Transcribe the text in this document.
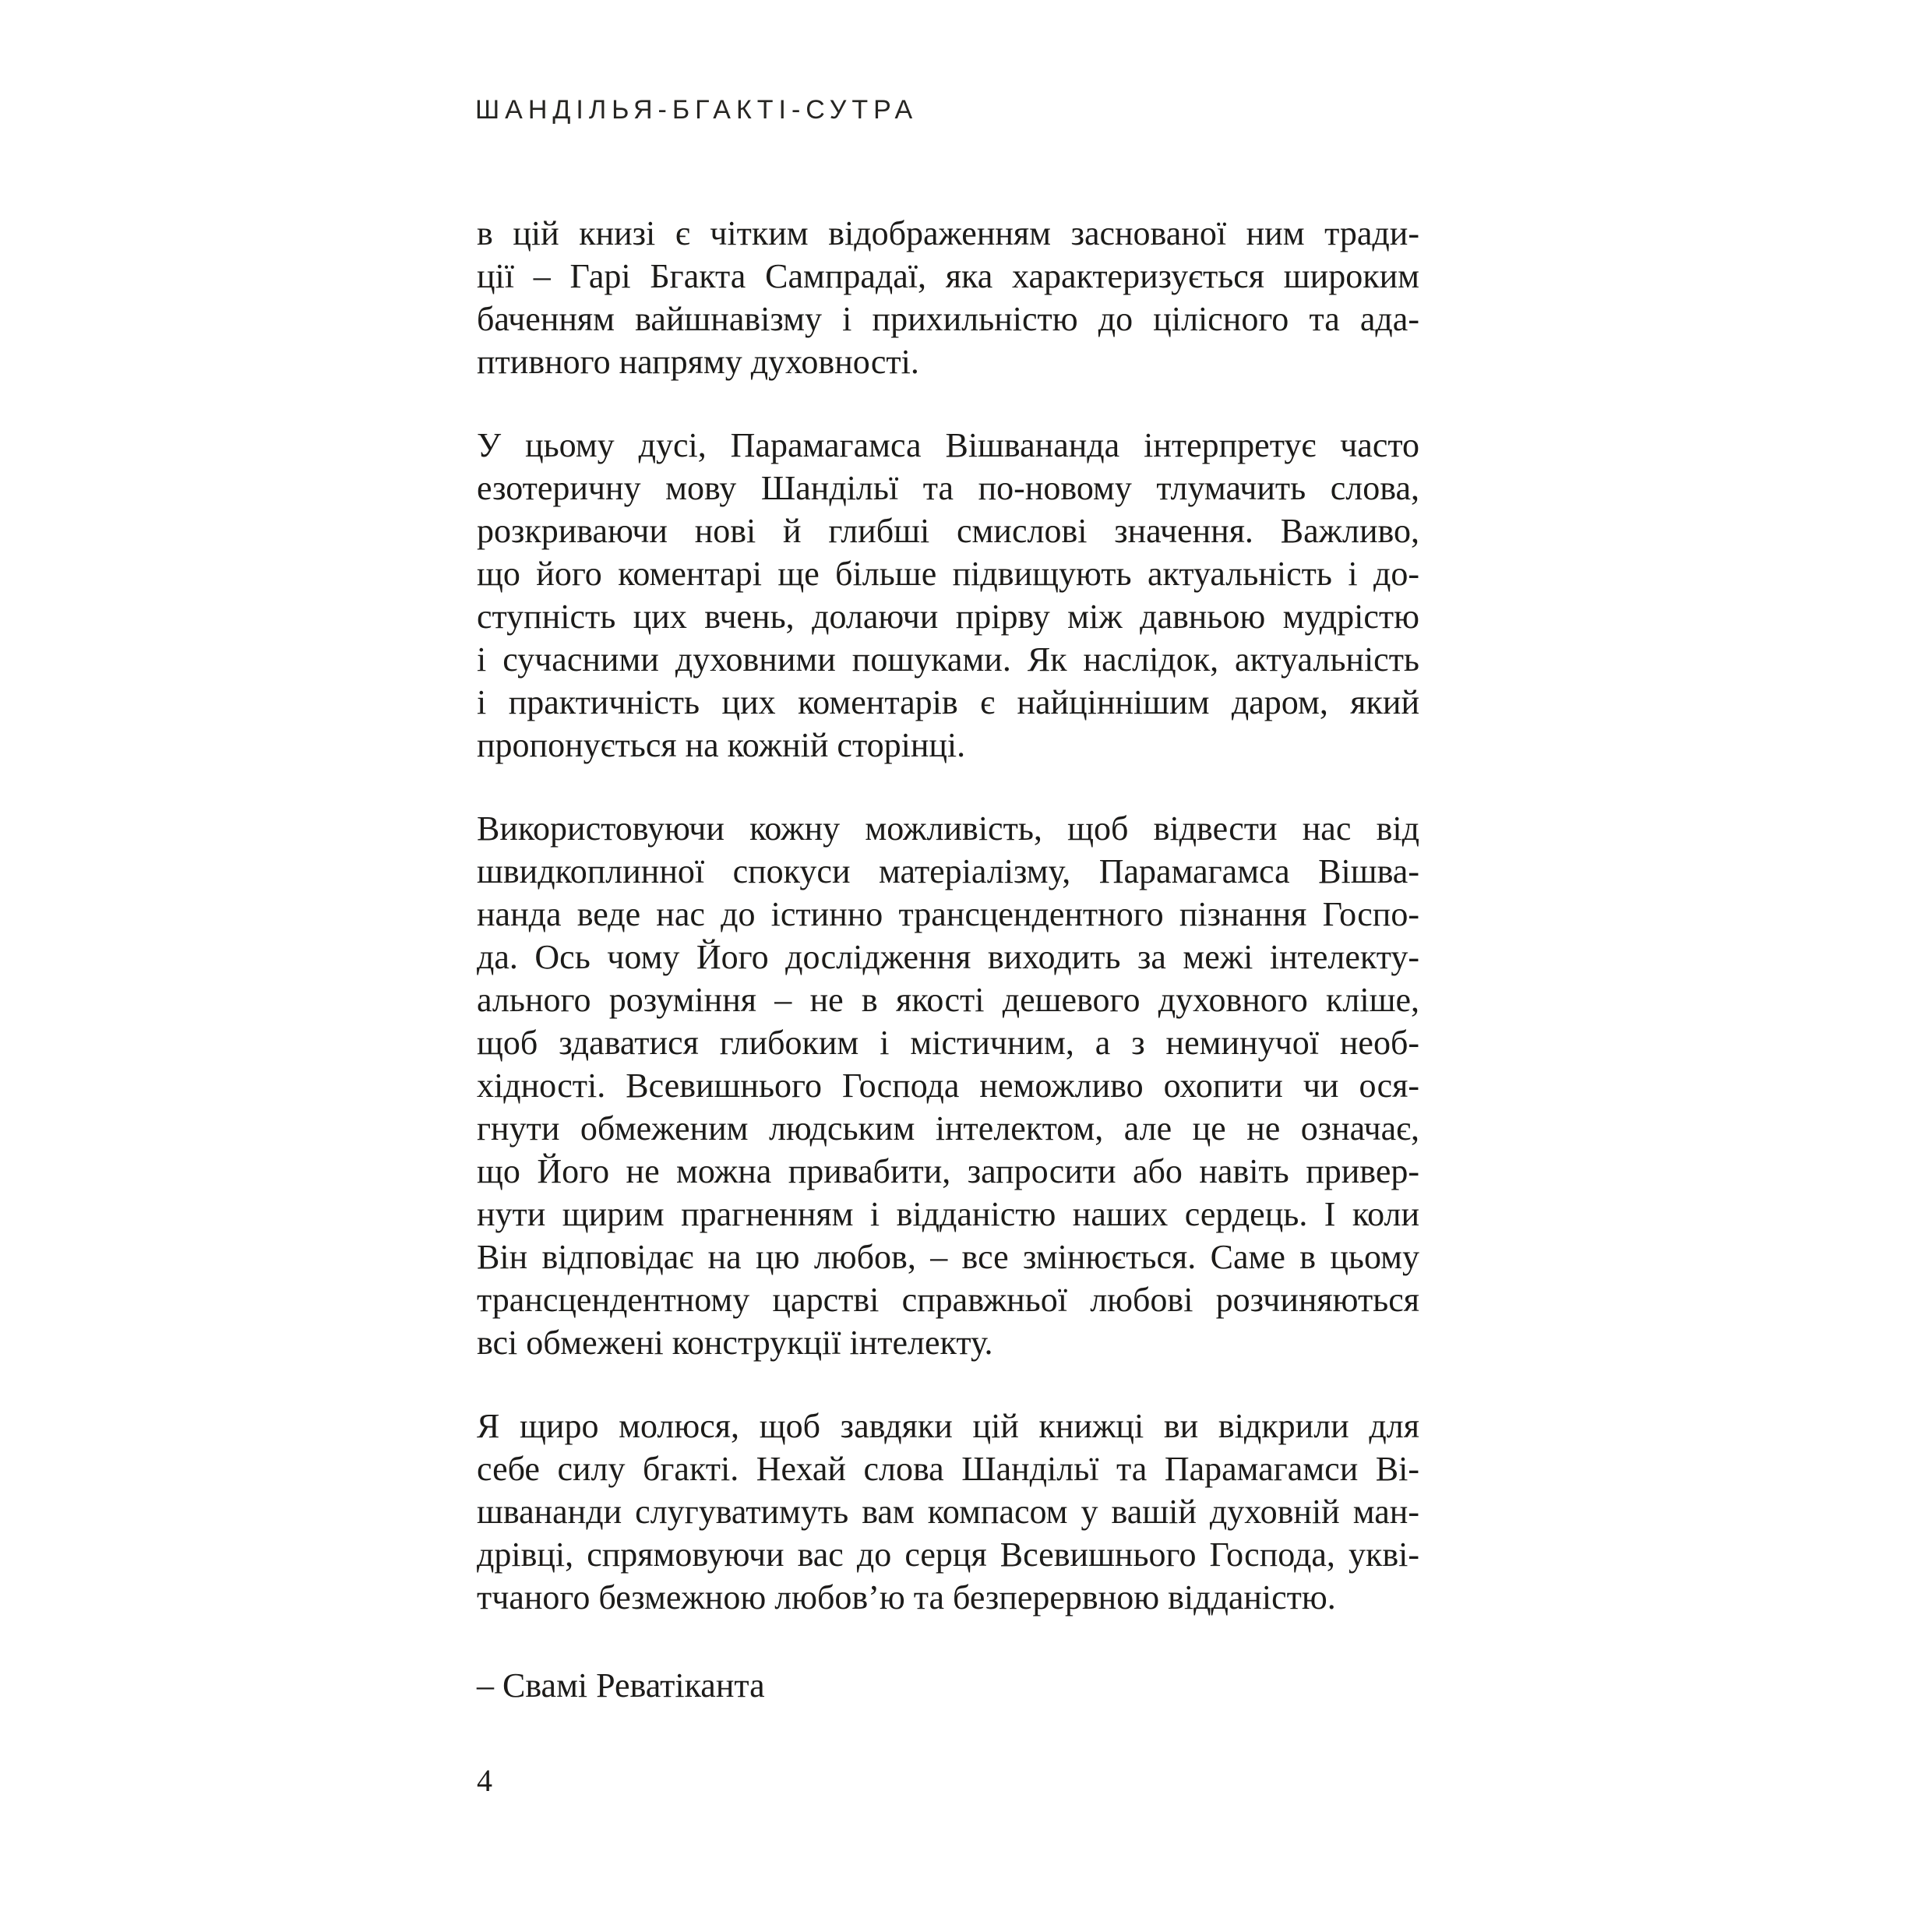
ШАНДІЛЬЯ-БГАКТІ-СУТРА
в цій книзі є чітким відображенням заснованої ним тради-
ції – Гарі Бгакта Сампрадаї, яка характеризується широким
баченням вайшнавізму і прихильністю до цілісного та ада-
птивного напряму духовності.
У цьому дусі, Парамагамса Вішвананда інтерпретує часто
езотеричну мову Шандільї та по-новому тлумачить слова,
розкриваючи нові й глибші смислові значення. Важливо,
що його коментарі ще більше підвищують актуальність і до-
ступність цих вчень, долаючи прірву між давньою мудрістю
і сучасними духовними пошуками. Як наслідок, актуальність
і практичність цих коментарів є найціннішим даром, який
пропонується на кожній сторінці.
Використовуючи кожну можливість, щоб відвести нас від
швидкоплинної спокуси матеріалізму, Парамагамса Вішва-
нанда веде нас до істинно трансцендентного пізнання Госпо-
да. Ось чому Його дослідження виходить за межі інтелекту-
ального розуміння – не в якості дешевого духовного кліше,
щоб здаватися глибоким і містичним, а з неминучої необ-
хідності. Всевишнього Господа неможливо охопити чи ося-
гнути обмеженим людським інтелектом, але це не означає,
що Його не можна привабити, запросити або навіть привер-
нути щирим прагненням і відданістю наших сердець. І коли
Він відповідає на цю любов, – все змінюється. Саме в цьому
трансцендентному царстві справжньої любові розчиняються
всі обмежені конструкції інтелекту.
Я щиро молюся, щоб завдяки цій книжці ви відкрили для
себе силу бгакті. Нехай слова Шандільї та Парамагамси Ві-
швананди слугуватимуть вам компасом у вашій духовній ман-
дрівці, спрямовуючи вас до серця Всевишнього Господа, укві-
тчаного безмежною любов’ю та безперервною відданістю.
– Свамі Реватіканта
4
